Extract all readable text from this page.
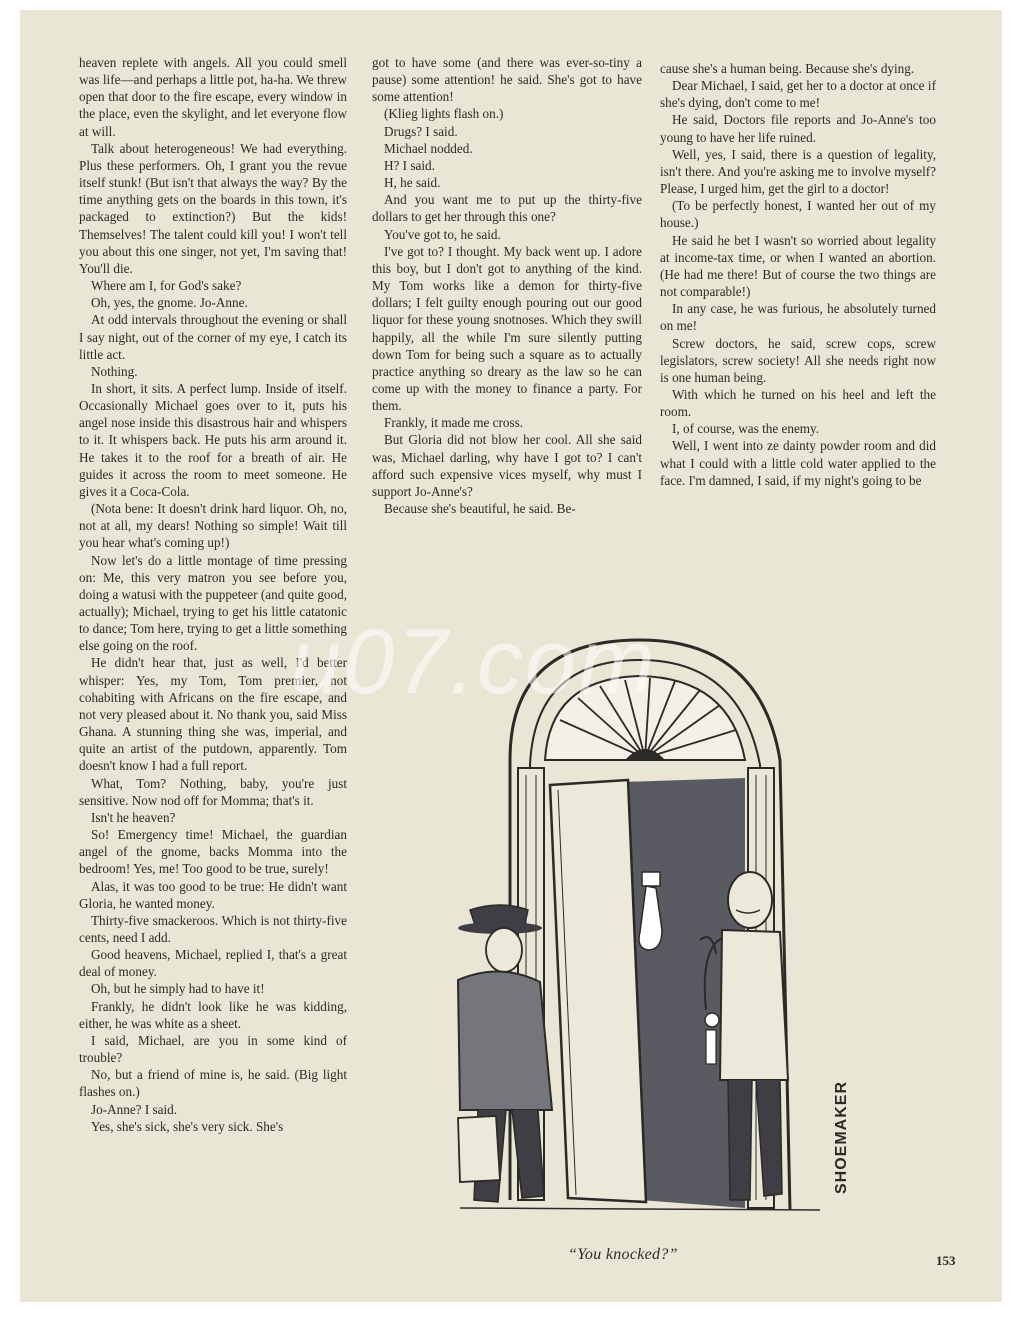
heaven replete with angels. All you could smell was life—and perhaps a little pot, ha-ha. We threw open that door to the fire escape, every window in the place, even the skylight, and let everyone flow at will.

Talk about heterogeneous! We had everything. Plus these performers. Oh, I grant you the revue itself stunk! (But isn't that always the way? By the time anything gets on the boards in this town, it's packaged to extinction?) But the kids! Themselves! The talent could kill you! I won't tell you about this one singer, not yet, I'm saving that! You'll die.

Where am I, for God's sake?

Oh, yes, the gnome. Jo-Anne.

At odd intervals throughout the evening or shall I say night, out of the corner of my eye, I catch its little act.

Nothing.

In short, it sits. A perfect lump. Inside of itself. Occasionally Michael goes over to it, puts his angel nose inside this disastrous hair and whispers to it. It whispers back. He puts his arm around it. He takes it to the roof for a breath of air. He guides it across the room to meet someone. He gives it a Coca-Cola.

(Nota bene: It doesn't drink hard liquor. Oh, no, not at all, my dears! Nothing so simple! Wait till you hear what's coming up!)

Now let's do a little montage of time pressing on: Me, this very matron you see before you, doing a watusi with the puppeteer (and quite good, actually); Michael, trying to get his little catatonic to dance; Tom here, trying to get a little something else going on the roof.

He didn't hear that, just as well, I'd better whisper: Yes, my Tom, Tom premier, not cohabiting with Africans on the fire escape, and not very pleased about it. No thank you, said Miss Ghana. A stunning thing she was, imperial, and quite an artist of the putdown, apparently. Tom doesn't know I had a full report.

What, Tom? Nothing, baby, you're just sensitive. Now nod off for Momma; that's it.

Isn't he heaven?

So! Emergency time! Michael, the guardian angel of the gnome, backs Momma into the bedroom! Yes, me! Too good to be true, surely!

Alas, it was too good to be true: He didn't want Gloria, he wanted money.

Thirty-five smackeroos. Which is not thirty-five cents, need I add.

Good heavens, Michael, replied I, that's a great deal of money.

Oh, but he simply had to have it!

Frankly, he didn't look like he was kidding, either, he was white as a sheet.

I said, Michael, are you in some kind of trouble?

No, but a friend of mine is, he said. (Big light flashes on.)

Jo-Anne? I said.

Yes, she's sick, she's very sick. She's

got to have some (and there was ever-so-tiny a pause) some attention! he said. She's got to have some attention!

(Klieg lights flash on.)

Drugs? I said.

Michael nodded.

H? I said.

H, he said.

And you want me to put up the thirty-five dollars to get her through this one?

You've got to, he said.

I've got to? I thought. My back went up. I adore this boy, but I don't got to anything of the kind. My Tom works like a demon for thirty-five dollars; I felt guilty enough pouring out our good liquor for these young snotnoses. Which they swill happily, all the while I'm sure silently putting down Tom for being such a square as to actually practice anything so dreary as the law so he can come up with the money to finance a party. For them.

Frankly, it made me cross.

But Gloria did not blow her cool. All she said was, Michael darling, why have I got to? I can't afford such expensive vices myself, why must I support Jo-Anne's?

Because she's beautiful, he said. Be-

cause she's a human being. Because she's dying.

Dear Michael, I said, get her to a doctor at once if she's dying, don't come to me!

He said, Doctors file reports and Jo-Anne's too young to have her life ruined.

Well, yes, I said, there is a question of legality, isn't there. And you're asking me to involve myself? Please, I urged him, get the girl to a doctor!

(To be perfectly honest, I wanted her out of my house.)

He said he bet I wasn't so worried about legality at income-tax time, or when I wanted an abortion. (He had me there! But of course the two things are not comparable!)

In any case, he was furious, he absolutely turned on me!

Screw doctors, he said, screw cops, screw legislators, screw society! All she needs right now is one human being.

With which he turned on his heel and left the room.

I, of course, was the enemy.

Well, I went into ze dainty powder room and did what I could with a little cold water applied to the face. I'm damned, I said, if my night's going to be

SHOEMAKER
u07.com
“You knocked?”	153
